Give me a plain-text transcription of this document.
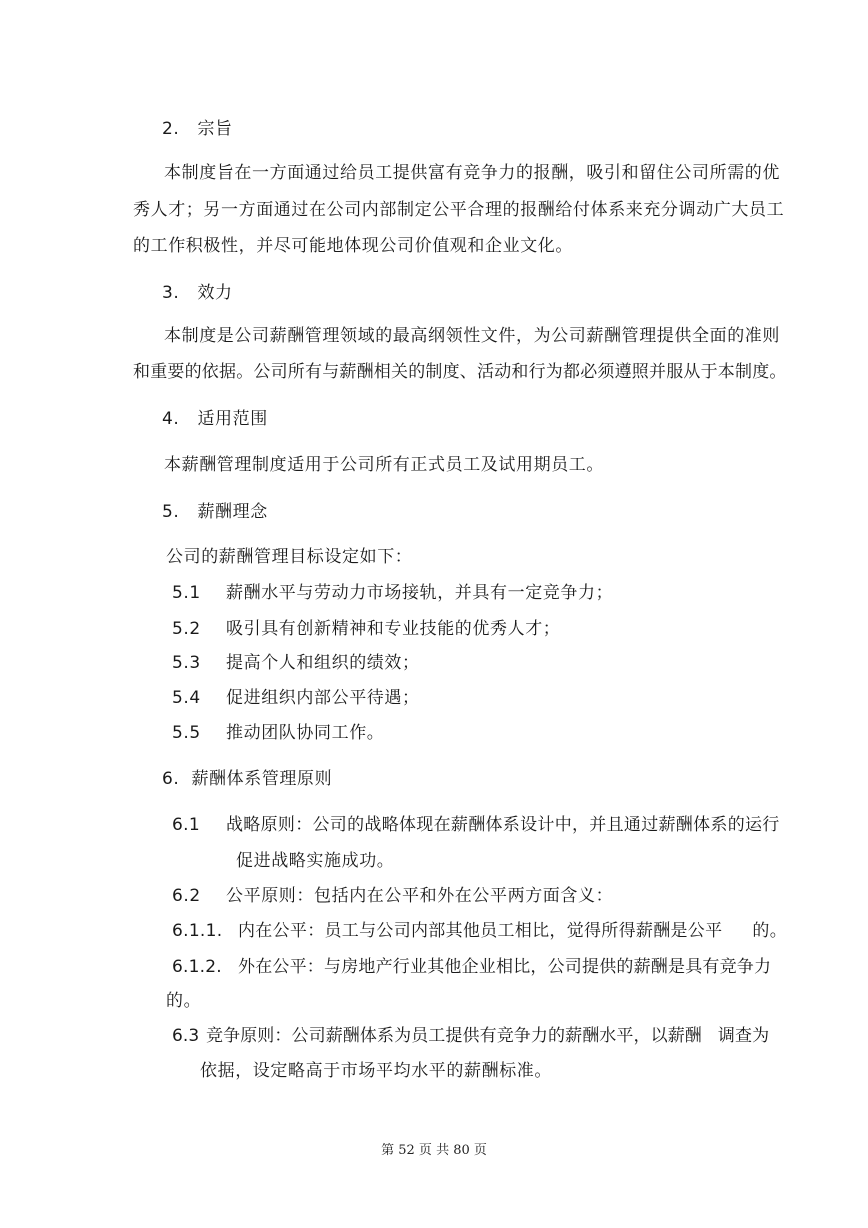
2. 宗旨
本制度旨在一方面通过给员工提供富有竞争力的报酬，吸引和留住公司所需的优
秀人才；另一方面通过在公司内部制定公平合理的报酬给付体系来充分调动广大员工
的工作积极性，并尽可能地体现公司价值观和企业文化。
3. 效力
本制度是公司薪酬管理领域的最高纲领性文件，为公司薪酬管理提供全面的准则
和重要的依据。公司所有与薪酬相关的制度、活动和行为都必须遵照并服从于本制度。
4. 适用范围
本薪酬管理制度适用于公司所有正式员工及试用期员工。
5. 薪酬理念
公司的薪酬管理目标设定如下：
5.1 薪酬水平与劳动力市场接轨，并具有一定竞争力；
5.2 吸引具有创新精神和专业技能的优秀人才；
5.3 提高个人和组织的绩效；
5.4 促进组织内部公平待遇；
5.5 推动团队协同工作。
6. 薪酬体系管理原则
6.1 战略原则：公司的战略体现在薪酬体系设计中，并且通过薪酬体系的运行
促进战略实施成功。
6.2 公平原则：包括内在公平和外在公平两方面含义：
6.1.1. 内在公平：员工与公司内部其他员工相比，觉得所得薪酬是公平 的。
6.1.2. 外在公平：与房地产行业其他企业相比，公司提供的薪酬是具有竞争力
的。
6.3 竞争原则：公司薪酬体系为员工提供有竞争力的薪酬水平，以薪酬 调查为
依据，设定略高于市场平均水平的薪酬标准。
第 52 页 共 80 页
